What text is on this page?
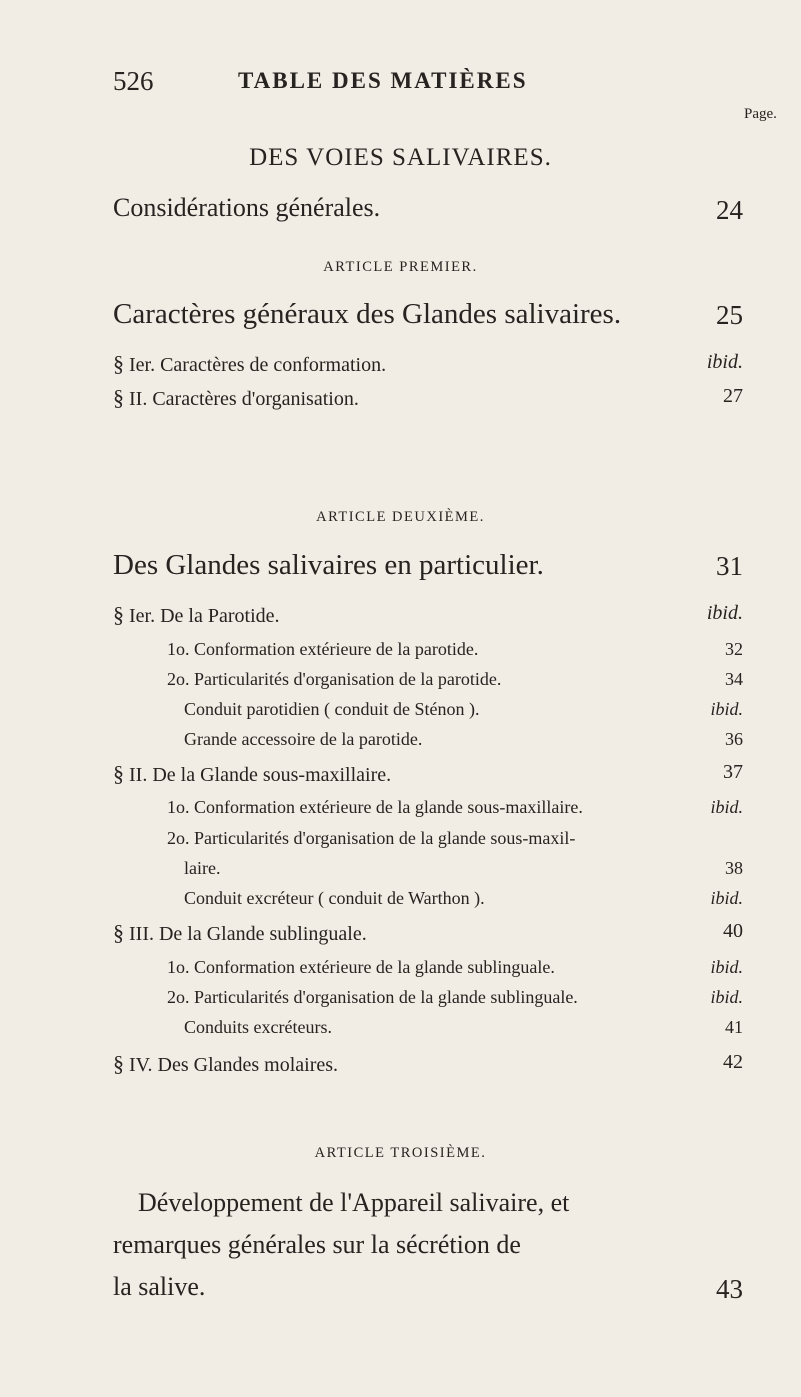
526	TABLE DES MATIÈRES
Page.
DES VOIES SALIVAIRES.
Considérations générales.	24
ARTICLE PREMIER.
Caractères généraux des Glandes salivaires.	25
§ Ier. Caractères de conformation.	ibid.
§ II. Caractères d'organisation.	27
ARTICLE DEUXIÈME.
Des Glandes salivaires en particulier.	31
§ Ier. De la Parotide.	ibid.
1o. Conformation extérieure de la parotide.	32
2o. Particularités d'organisation de la parotide.	34
Conduit parotidien ( conduit de Sténon ).	ibid.
Grande accessoire de la parotide.	36
§ II. De la Glande sous-maxillaire.	37
1o. Conformation extérieure de la glande sous-maxillaire.	ibid.
2o. Particularités d'organisation de la glande sous-maxil-
laire.	38
Conduit excréteur ( conduit de Warthon ).	ibid.
§ III. De la Glande sublinguale.	40
1o. Conformation extérieure de la glande sublinguale.	ibid.
2o. Particularités d'organisation de la glande sublinguale.	ibid.
Conduits excréteurs.	41
§ IV. Des Glandes molaires.	42
ARTICLE TROISIÈME.
Développement de l'Appareil salivaire, et
remarques générales sur la sécrétion de
la salive.	43
